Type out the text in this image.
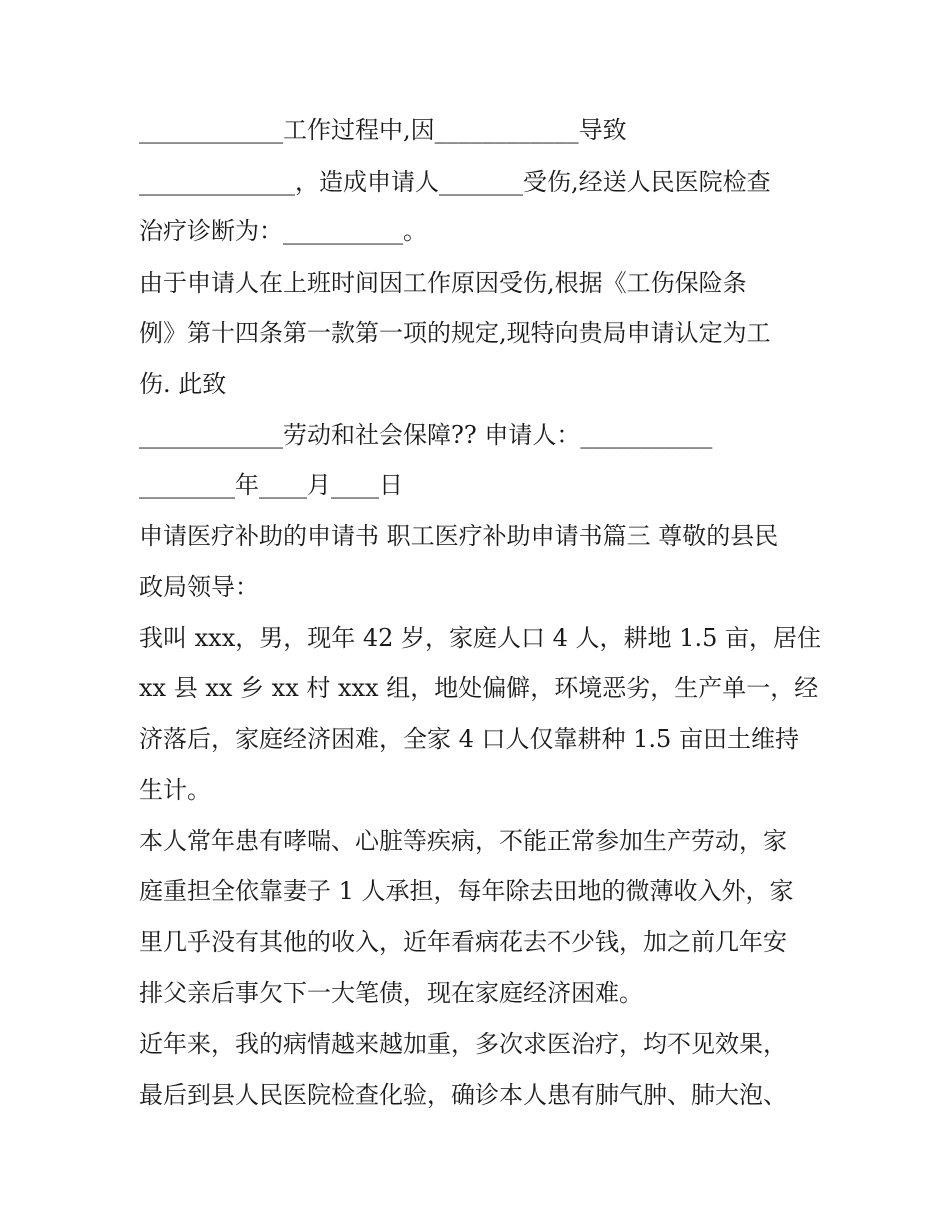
____________工作过程中,因____________导致

_____________，造成申请人_______受伤,经送人民医院检查

治疗诊断为：__________。

由于申请人在上班时间因工作原因受伤,根据《工伤保险条

例》第十四条第一款第一项的规定,现特向贵局申请认定为工

伤. 此致

____________劳动和社会保障?? 申请人：___________

________年____月____日

申请医疗补助的申请书 职工医疗补助申请书篇三 尊敬的县民

政局领导：

我叫 xxx，男，现年 42 岁，家庭人口 4 人，耕地 1.5 亩，居住

xx 县 xx 乡 xx 村 xxx 组，地处偏僻，环境恶劣，生产单一，经

济落后，家庭经济困难，全家 4 口人仅靠耕种 1.5 亩田土维持

生计。

本人常年患有哮喘、心脏等疾病，不能正常参加生产劳动，家

庭重担全依靠妻子 1 人承担，每年除去田地的微薄收入外，家

里几乎没有其他的收入，近年看病花去不少钱，加之前几年安

排父亲后事欠下一大笔债，现在家庭经济困难。

近年来，我的病情越来越加重，多次求医治疗，均不见效果，

最后到县人民医院检查化验，确诊本人患有肺气肿、肺大泡、
